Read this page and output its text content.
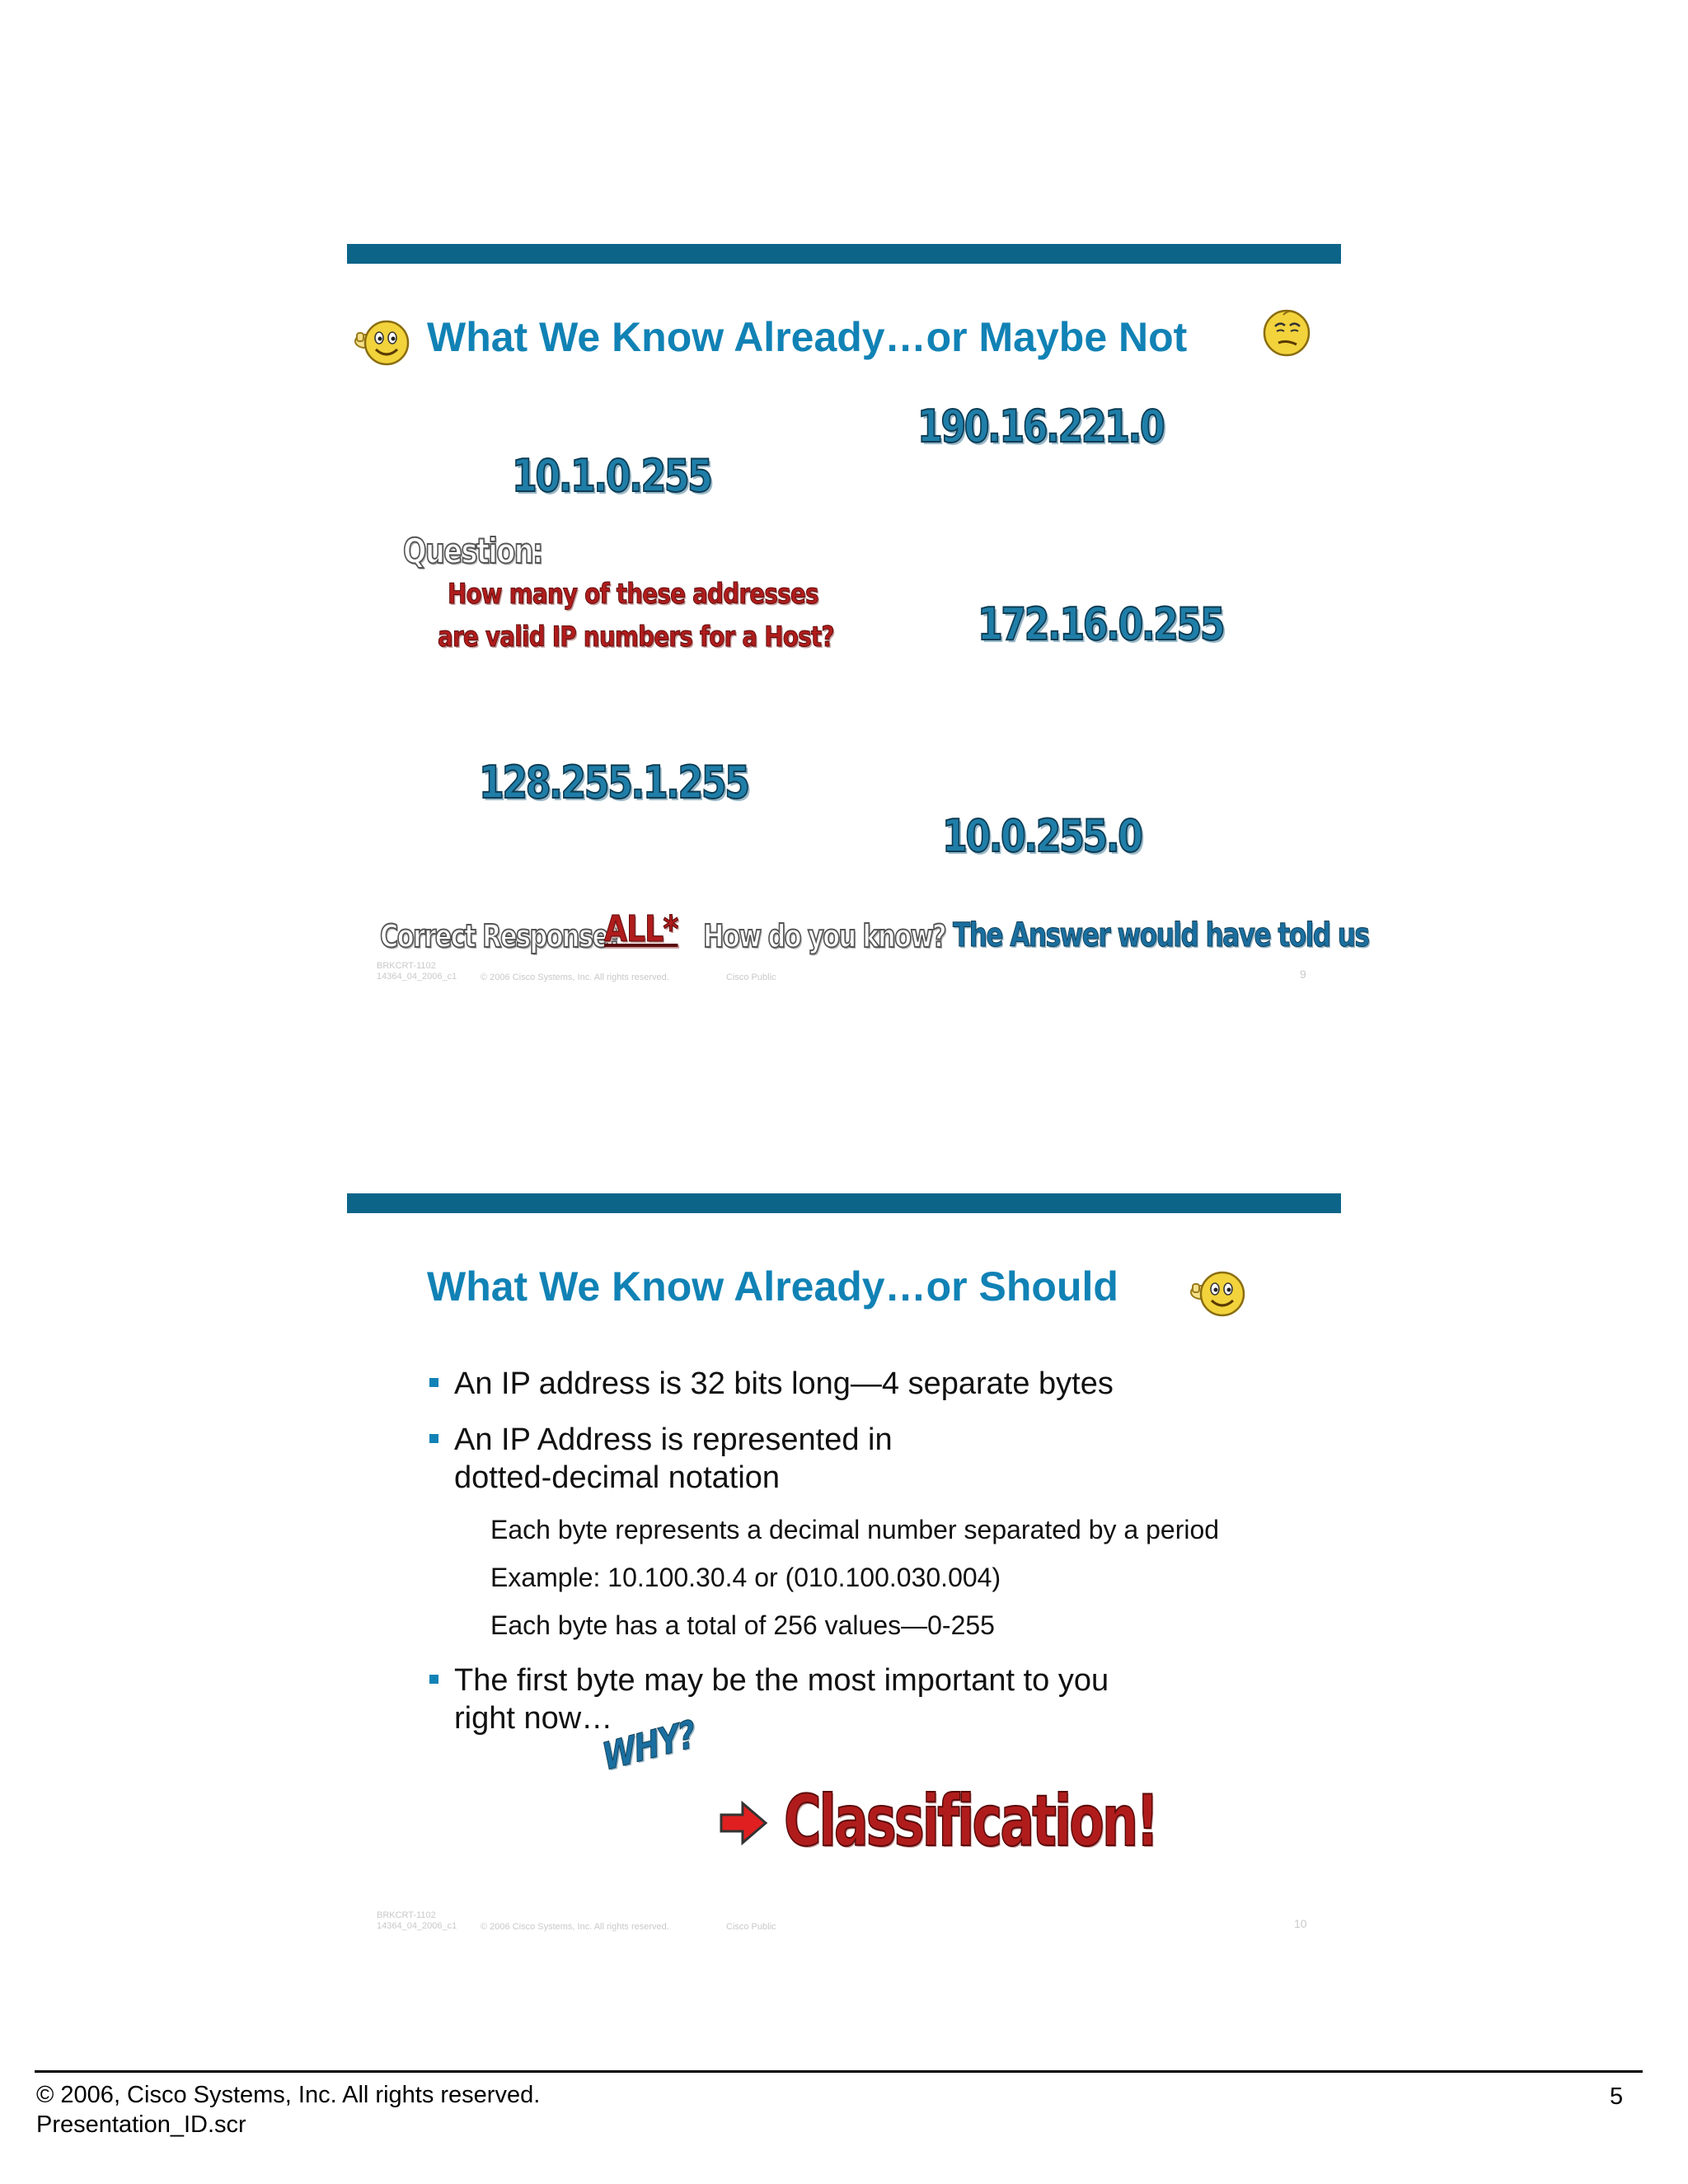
What We Know Already…or Maybe Not
190.16.221.0
10.1.0.255
Question:
How many of these addresses
are valid IP numbers for a Host?	172.16.0.255
128.255.1.255
10.0.255.0
Correct Response?
ALL* How do you know? The Answer would have told us
BRKCRT-1102
14364_04_2006_c1	© 2006 Cisco Systems, Inc. All rights reserved.	Cisco Public	9
What We Know Already…or Should
An IP address is 32 bits long—4 separate bytes
An IP Address is represented in
dotted-decimal notation
Each byte represents a decimal number separated by a period
Example: 10.100.30.4 or (010.100.030.004)
Each byte has a total of 256 values—0-255
The first byte may be the most important to you
right now…
WHY?
Classification!
BRKCRT-1102
14364_04_2006_c1	© 2006 Cisco Systems, Inc. All rights reserved.	Cisco Public	10
© 2006, Cisco Systems, Inc. All rights reserved.
Presentation_ID.scr
5
